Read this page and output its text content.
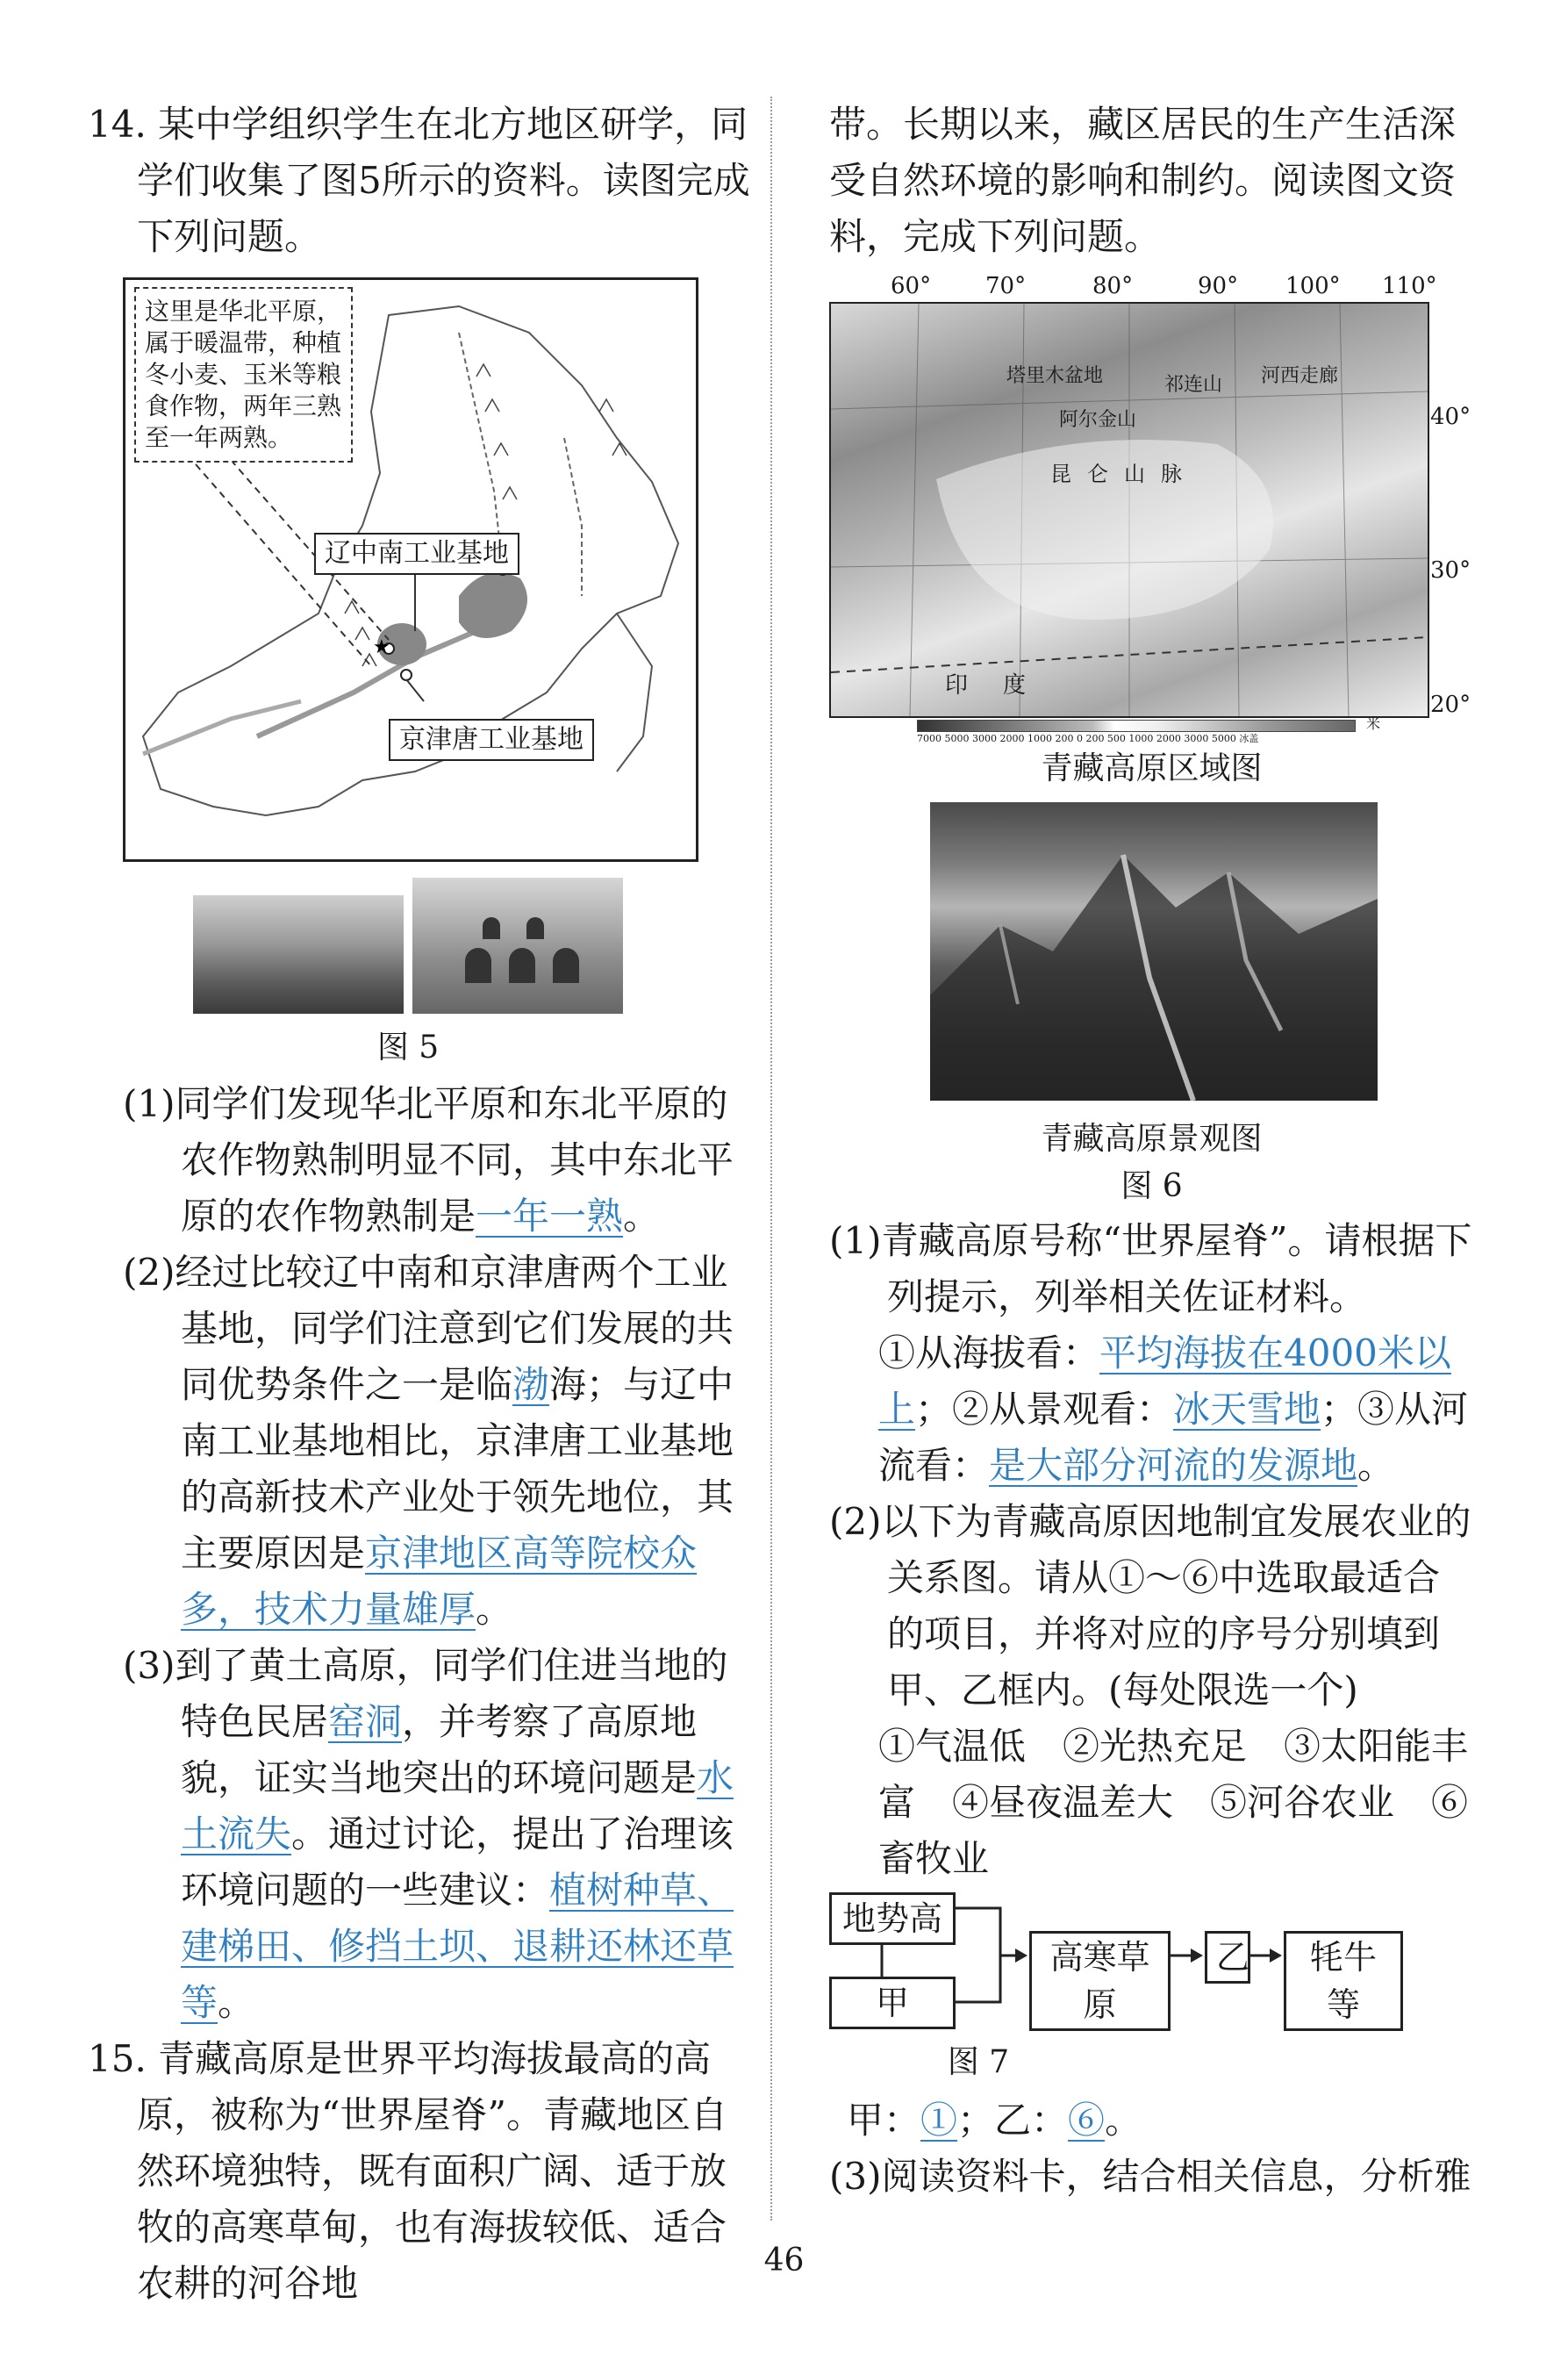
14. 某中学组织学生在北方地区研学，同学们收集了图5所示的资料。读图完成下列问题。

★
这里是华北平原，属于暖温带，种植冬小麦、玉米等粮食作物，两年三熟至一年两熟。
辽中南工业基地
京津唐工业基地
图 5

(1)同学们发现华北平原和东北平原的农作物熟制明显不同，其中东北平原的农作物熟制是一年一熟。

(2)经过比较辽中南和京津唐两个工业基地，同学们注意到它们发展的共同优势条件之一是临渤海；与辽中南工业基地相比，京津唐工业基地的高新技术产业处于领先地位，其主要原因是京津地区高等院校众多，技术力量雄厚。

(3)到了黄土高原，同学们住进当地的特色民居窑洞，并考察了高原地貌，证实当地突出的环境问题是水土流失。通过讨论，提出了治理该环境问题的一些建议：植树种草、建梯田、修挡土坝、退耕还林还草等。

15. 青藏高原是世界平均海拔最高的高原，被称为“世界屋脊”。青藏地区自然环境独特，既有面积广阔、适于放牧的高寒草甸，也有海拔较低、适合农耕的河谷地

带。长期以来，藏区居民的生产生活深受自然环境的影响和制约。阅读图文资料，完成下列问题。

60° 70°	80°	90° 100° 110°
塔里木盆地
阿尔金山
祁连山 河西走廊
昆仑山脉
印度
40°
30°
20°
7000 5000 3000 2000 1000 200 0 200 500 1000 2000 3000 5000 冰盖
米
青藏高原区域图
青藏高原景观图
图 6

(1)青藏高原号称“世界屋脊”。请根据下列提示，列举相关佐证材料。

①从海拔看：平均海拔在4000米以上；②从景观看：冰天雪地；③从河流看：是大部分河流的发源地。

(2)以下为青藏高原因地制宜发展农业的关系图。请从①～⑥中选取最适合的项目，并将对应的序号分别填到甲、乙框内。(每处限选一个)

①气温低　②光热充足　③太阳能丰富　④昼夜温差大　⑤河谷农业　⑥畜牧业

地势高
甲
高寒草原
乙	牦牛等
图 7

甲：①；乙：⑥。

(3)阅读资料卡，结合相关信息，分析雅

46
